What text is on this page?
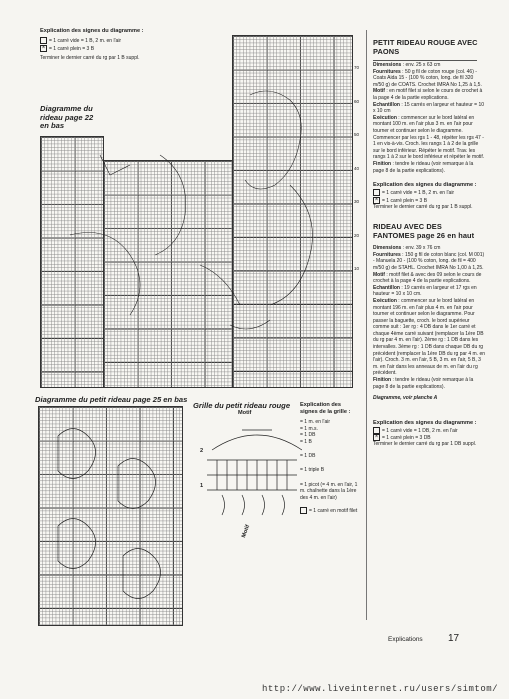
Explication des signes du diagramme :
= 1 carré vide = 1 B, 2 m. en l'air
× = 1 carré plein = 3 B
Terminer le dernier carré du rg par 1 B suppl.
Diagramme du rideau page 22 en bas
70
60
50
40
30
20
10
Diagramme du petit rideau page 25 en bas
Grille du petit rideau rouge
Motif
2
1
Motif
Explication des signes de la grille :
= 1 m. en l'air
= 1 m.s.
= 1 DB
= 1 B
= 1 DB
= 1 triple B
= 1 picot (= 4 m. en l'air, 1 m. chaînette dans la 1ère des 4 m. en l'air)
= 1 carré en motif filet
PETIT RIDEAU ROUGE AVEC PAONS
Dimensions : env. 25 x 63 cm
Fournitures : 50 g fil de coton rouge (col. 46) - Coats Aida 15 - (100 % coton, long. de fil 320 m/50 g) de COATS. Crochet IMRA No 1,25 à 1,5.
Motif : en motif filet si selon le cours de crochet à la page 4 de la partie explications.
Echantillon : 15 carrés en largeur et hauteur = 10 x 10 cm
Exécution : commencer sur le bord latéral en montant 100 m. en l'air plus 3 m. en l'air pour tourner et continuer selon le diagramme. Commencer par les rgs 1 - 48, répéter les rgs 47 - 1 en vis-à-vis. Croch. les rangs 1 à 2 de la grille sur le bord inférieur. Répéter le motif. Trav. les rangs 1 à 2 sur le bord inférieur et répéter le motif.
Finition : tendre le rideau (voir remarque à la page 8 de la partie explications).
Explication des signes du diagramme :
= 1 carré vide = 1 B, 2 m. en l'air
× = 1 carré plein = 3 B
Terminer le dernier carré du rg par 1 B suppl.
RIDEAU AVEC DES FANTOMES page 26 en haut
Dimensions : env. 39 x 76 cm
Fournitures : 150 g fil de coton blanc (col. M 001) - Manuela 20 - (100 % coton, long. de fil = 400 m/50 g) de STAHL. Crochet IMRA No 1,00 à 1,25.
Motif : motif filet & avec des 09 selon le cours de crochet à la page 4 de la partie explications.
Echantillon : 19 carrés en largeur et 17 rgs en hauteur = 10 x 10 cm.
Exécution : commencer sur le bord latéral en montant 196 m. en l'air plus 4 m. en l'air pour tourner et continuer selon le diagramme. Pour passer la baguette, croch. le bord supérieur comme suit : 1er rg : 4 DB dans le 1er carré et chaque 4ème carré suivant (remplacer la 1ère DB du rg par 4 m. en l'air). 2ème rg : 1 DB dans les intervalles. 3ème rg : 1 DB dans chaque DB du rg précédent (remplacer la 1ère DB du rg par 4 m. en l'air). Croch. 3 m. en l'air, 5 B, 3 m. en l'air, 5 B, 3 m. en l'air dans les anneaux de m. en l'air du rg précédent.
Finition : tendre le rideau (voir remarque à la page 8 de la partie explications).
Diagramme, voir planche A
Explication des signes du diagramme :
= 1 carré vide = 1 DB, 2 m. en l'air
× = 1 carré plein = 3 DB
Terminer le dernier carré du rg par 1 DB suppl.
Explications	17
http://www.liveinternet.ru/users/simtom/
